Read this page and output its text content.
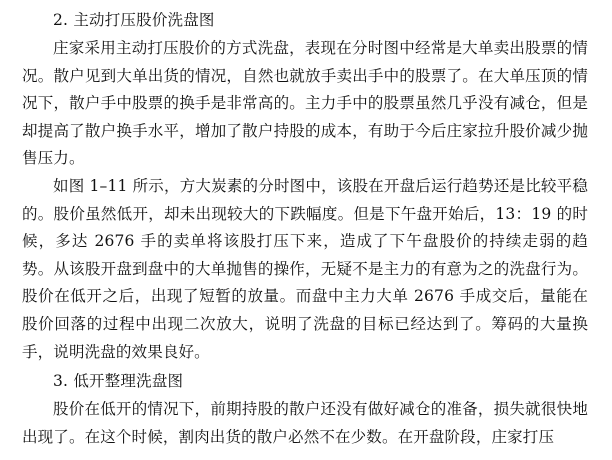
2. 主动打压股价洗盘图

庄家采用主动打压股价的方式洗盘，表现在分时图中经常是大单卖出股票的情况。散户见到大单出货的情况，自然也就放手卖出手中的股票了。在大单压顶的情况下，散户手中股票的换手是非常高的。主力手中的股票虽然几乎没有减仓，但是却提高了散户换手水平，增加了散户持股的成本，有助于今后庄家拉升股价减少抛售压力。

如图 1–11 所示，方大炭素的分时图中，该股在开盘后运行趋势还是比较平稳的。股价虽然低开，却未出现较大的下跌幅度。但是下午盘开始后，13：19 的时候，多达 2676 手的卖单将该股打压下来，造成了下午盘股价的持续走弱的趋势。从该股开盘到盘中的大单抛售的操作，无疑不是主力的有意为之的洗盘行为。股价在低开之后，出现了短暂的放量。而盘中主力大单 2676 手成交后，量能在股价回落的过程中出现二次放大，说明了洗盘的目标已经达到了。筹码的大量换手，说明洗盘的效果良好。

3. 低开整理洗盘图

股价在低开的情况下，前期持股的散户还没有做好减仓的准备，损失就很快地出现了。在这个时候，割肉出货的散户必然不在少数。在开盘阶段，庄家打压
